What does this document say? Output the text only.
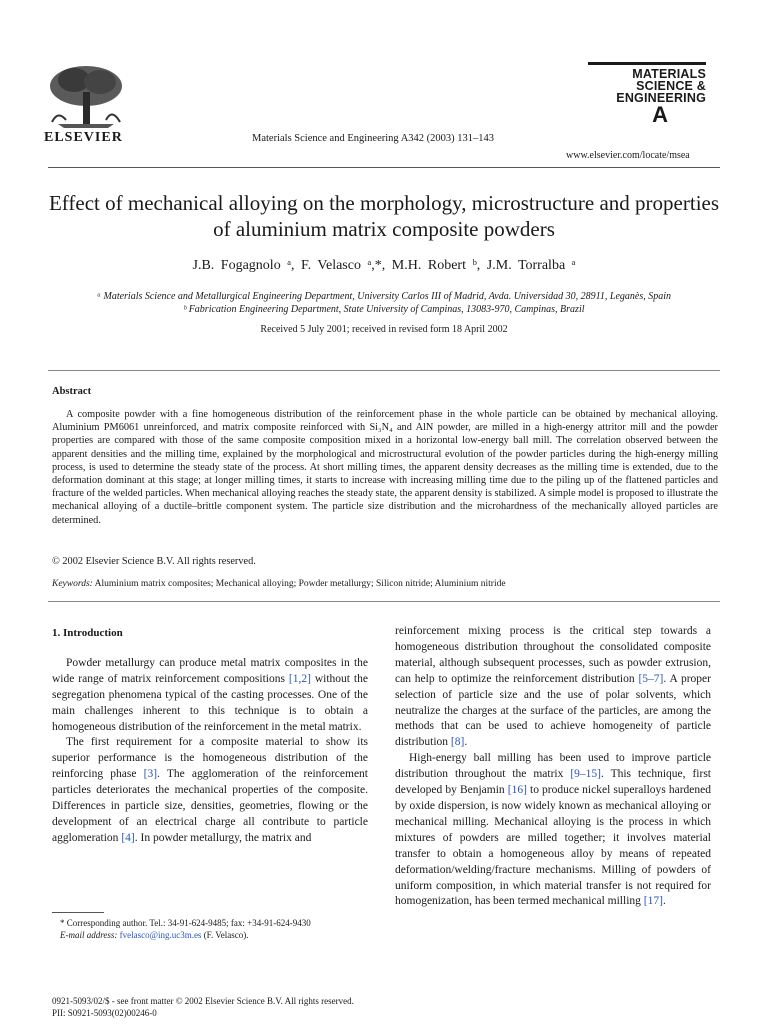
ELSEVIER	Materials Science and Engineering A342 (2003) 131–143
MATERIALS
SCIENCE &
ENGINEERING
A
www.elsevier.com/locate/msea
Effect of mechanical alloying on the morphology, microstructure and properties of aluminium matrix composite powders
J.B. Fogagnolo ᵃ, F. Velasco ᵃ,*, M.H. Robert ᵇ, J.M. Torralba ᵃ
ᵃ Materials Science and Metallurgical Engineering Department, University Carlos III of Madrid, Avda. Universidad 30, 28911, Leganès, Spain
ᵇ Fabrication Engineering Department, State University of Campinas, 13083-970, Campinas, Brazil
Received 5 July 2001; received in revised form 18 April 2002
Abstract
A composite powder with a fine homogeneous distribution of the reinforcement phase in the whole particle can be obtained by mechanical alloying. Aluminium PM6061 unreinforced, and matrix composite reinforced with Si₃N₄ and AlN powder, are milled in a high-energy attritor mill and the powder properties are compared with those of the same composite composition mixed in a horizontal low-energy ball mill. The correlation observed between the apparent densities and the milling time, explained by the morphological and microstructural evolution of the powder particles during the high-energy milling process, is used to determine the steady state of the process. At short milling times, the apparent density decreases as the milling time is extended, due to the deformation dominant at this stage; at longer milling times, it starts to increase with increasing milling time due to the piling up of the flattened particles and fracture of the welded particles. When mechanical alloying reaches the steady state, the apparent density is stabilized. A simple model is proposed to illustrate the mechanical alloying of a ductile–brittle component system. The particle size distribution and the microhardness of the mechanically alloyed particles are determined.
© 2002 Elsevier Science B.V. All rights reserved.
Keywords: Aluminium matrix composites; Mechanical alloying; Powder metallurgy; Silicon nitride; Aluminium nitride
1. Introduction

Powder metallurgy can produce metal matrix composites in the wide range of matrix reinforcement compositions [1,2] without the segregation phenomena typical of the casting processes. One of the main challenges inherent to this technique is to obtain a homogeneous distribution of the reinforcement in the metal matrix.

The first requirement for a composite material to show its superior performance is the homogeneous distribution of the reinforcing phase [3]. The agglomeration of the reinforcement particles deteriorates the mechanical properties of the composite. Differences in particle size, densities, geometries, flowing or the development of an electrical charge all contribute to particle agglomeration [4]. In powder metallurgy, the matrix and

reinforcement mixing process is the critical step towards a homogeneous distribution throughout the consolidated composite material, although subsequent processes, such as powder extrusion, can help to optimize the reinforcement distribution [5–7]. A proper selection of particle size and the use of polar solvents, which neutralize the charges at the surface of the particles, are among the methods that can be used to achieve homogeneity of particle distribution [8].

High-energy ball milling has been used to improve particle distribution throughout the matrix [9–15]. This technique, first developed by Benjamin [16] to produce nickel superalloys hardened by oxide dispersion, is now widely known as mechanical alloying or mechanical milling. Mechanical alloying is the process in which mixtures of powders are milled together; it involves material transfer to obtain a homogeneous alloy by means of repeated deformation/welding/fracture mechanisms. Milling of powders of uniform composition, in which material transfer is not required for homogenization, has been termed mechanical milling [17].

* Corresponding author. Tel.: 34-91-624-9485; fax: +34-91-624-9430
E-mail address: fvelasco@ing.uc3m.es (F. Velasco).
0921-5093/02/$ - see front matter © 2002 Elsevier Science B.V. All rights reserved.
PII: S0921-5093(02)00246-0
